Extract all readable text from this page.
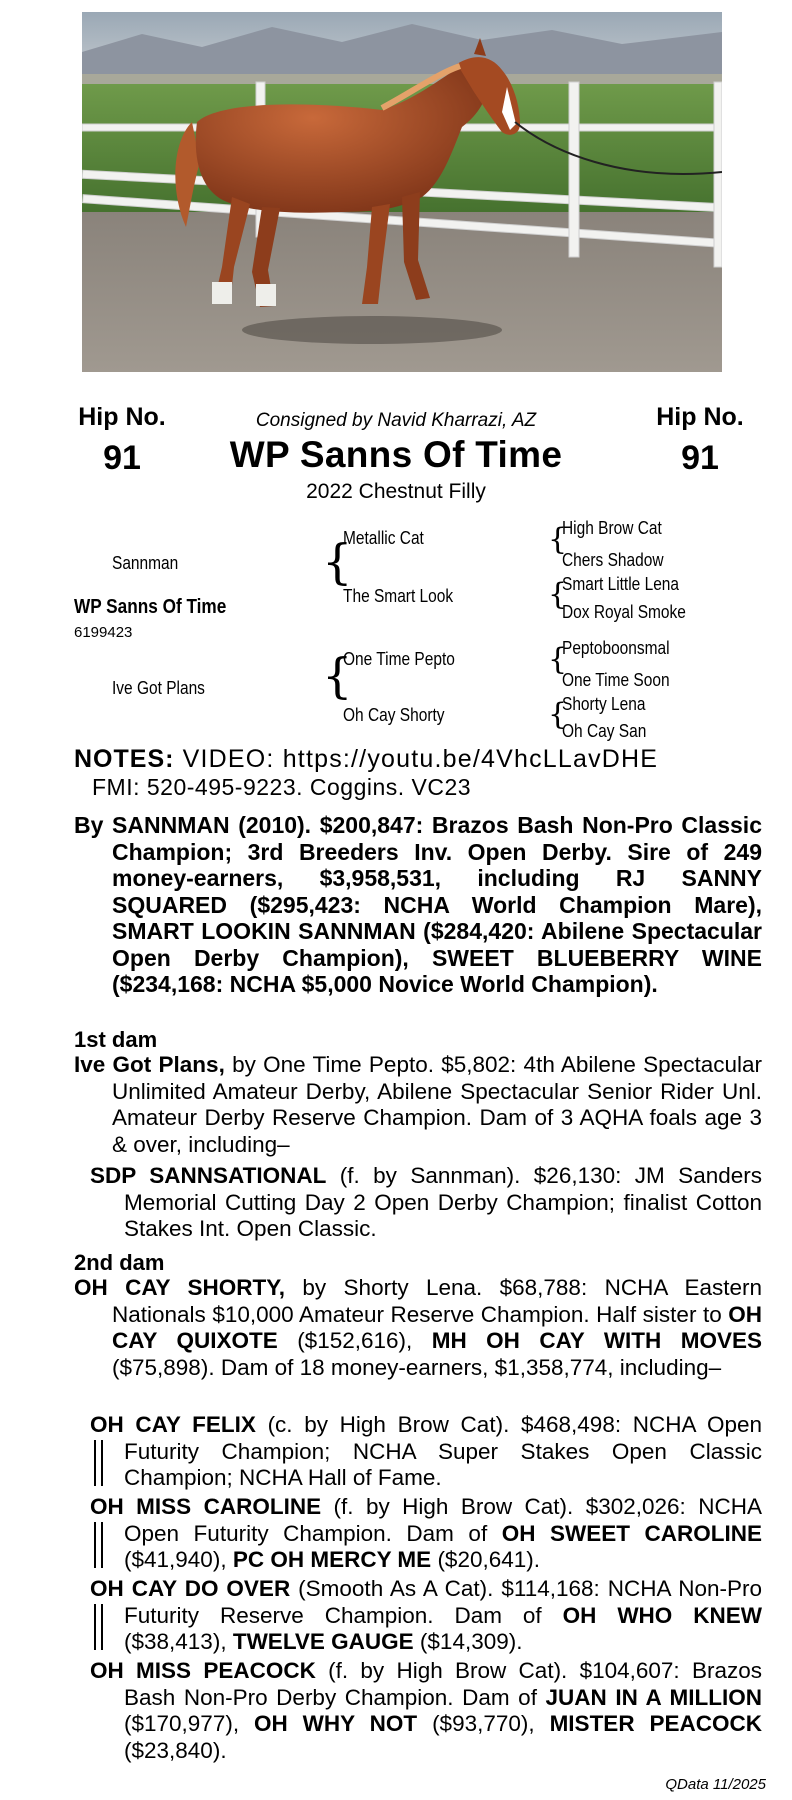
Hip No.
91
Hip No.
91
Consigned by Navid Kharrazi, AZ
WP Sanns Of Time
2022 Chestnut Filly
Sannman
WP Sanns Of Time
6199423
Ive Got Plans
{
{
Metallic Cat
The Smart Look
One Time Pepto
Oh Cay Shorty
{
{
{
{
High Brow Cat
Chers Shadow
Smart Little Lena
Dox Royal Smoke
Peptoboonsmal
One Time Soon
Shorty Lena
Oh Cay San
NOTES: VIDEO: https://youtu.be/4VhcLLavDHE
FMI: 520-495-9223. Coggins. VC23
By SANNMAN (2010). $200,847: Brazos Bash Non-Pro Classic Champion; 3rd Breeders Inv. Open Derby. Sire of 249 money-earners, $3,958,531, including RJ SANNY SQUARED ($295,423: NCHA World Champion Mare), SMART LOOKIN SANNMAN ($284,420: Abilene Spectacular Open Derby Champion), SWEET BLUEBERRY WINE ($234,168: NCHA $5,000 Novice World Champion).
1st dam
Ive Got Plans, by One Time Pepto. $5,802: 4th Abilene Spectacular Unlimited Amateur Derby, Abilene Spectacular Senior Rider Unl. Amateur Derby Reserve Champion. Dam of 3 AQHA foals age 3 & over, including–
SDP SANNSATIONAL (f. by Sannman). $26,130: JM Sanders Memorial Cutting Day 2 Open Derby Champion; finalist Cotton Stakes Int. Open Classic.
2nd dam
OH CAY SHORTY, by Shorty Lena. $68,788: NCHA Eastern Nationals $10,000 Amateur Reserve Champion. Half sister to OH CAY QUIXOTE ($152,616), MH OH CAY WITH MOVES ($75,898). Dam of 18 money-earners, $1,358,774, including–
OH CAY FELIX (c. by High Brow Cat). $468,498: NCHA Open Futurity Champion; NCHA Super Stakes Open Classic Champion; NCHA Hall of Fame.
OH MISS CAROLINE (f. by High Brow Cat). $302,026: NCHA Open Futurity Champion. Dam of OH SWEET CAROLINE ($41,940), PC OH MERCY ME ($20,641).
OH CAY DO OVER (Smooth As A Cat). $114,168: NCHA Non-Pro Futurity Reserve Champion. Dam of OH WHO KNEW ($38,413), TWELVE GAUGE ($14,309).
OH MISS PEACOCK (f. by High Brow Cat). $104,607: Brazos Bash Non-Pro Derby Champion. Dam of JUAN IN A MILLION ($170,977), OH WHY NOT ($93,770), MISTER PEACOCK ($23,840).
QData 11/2025
